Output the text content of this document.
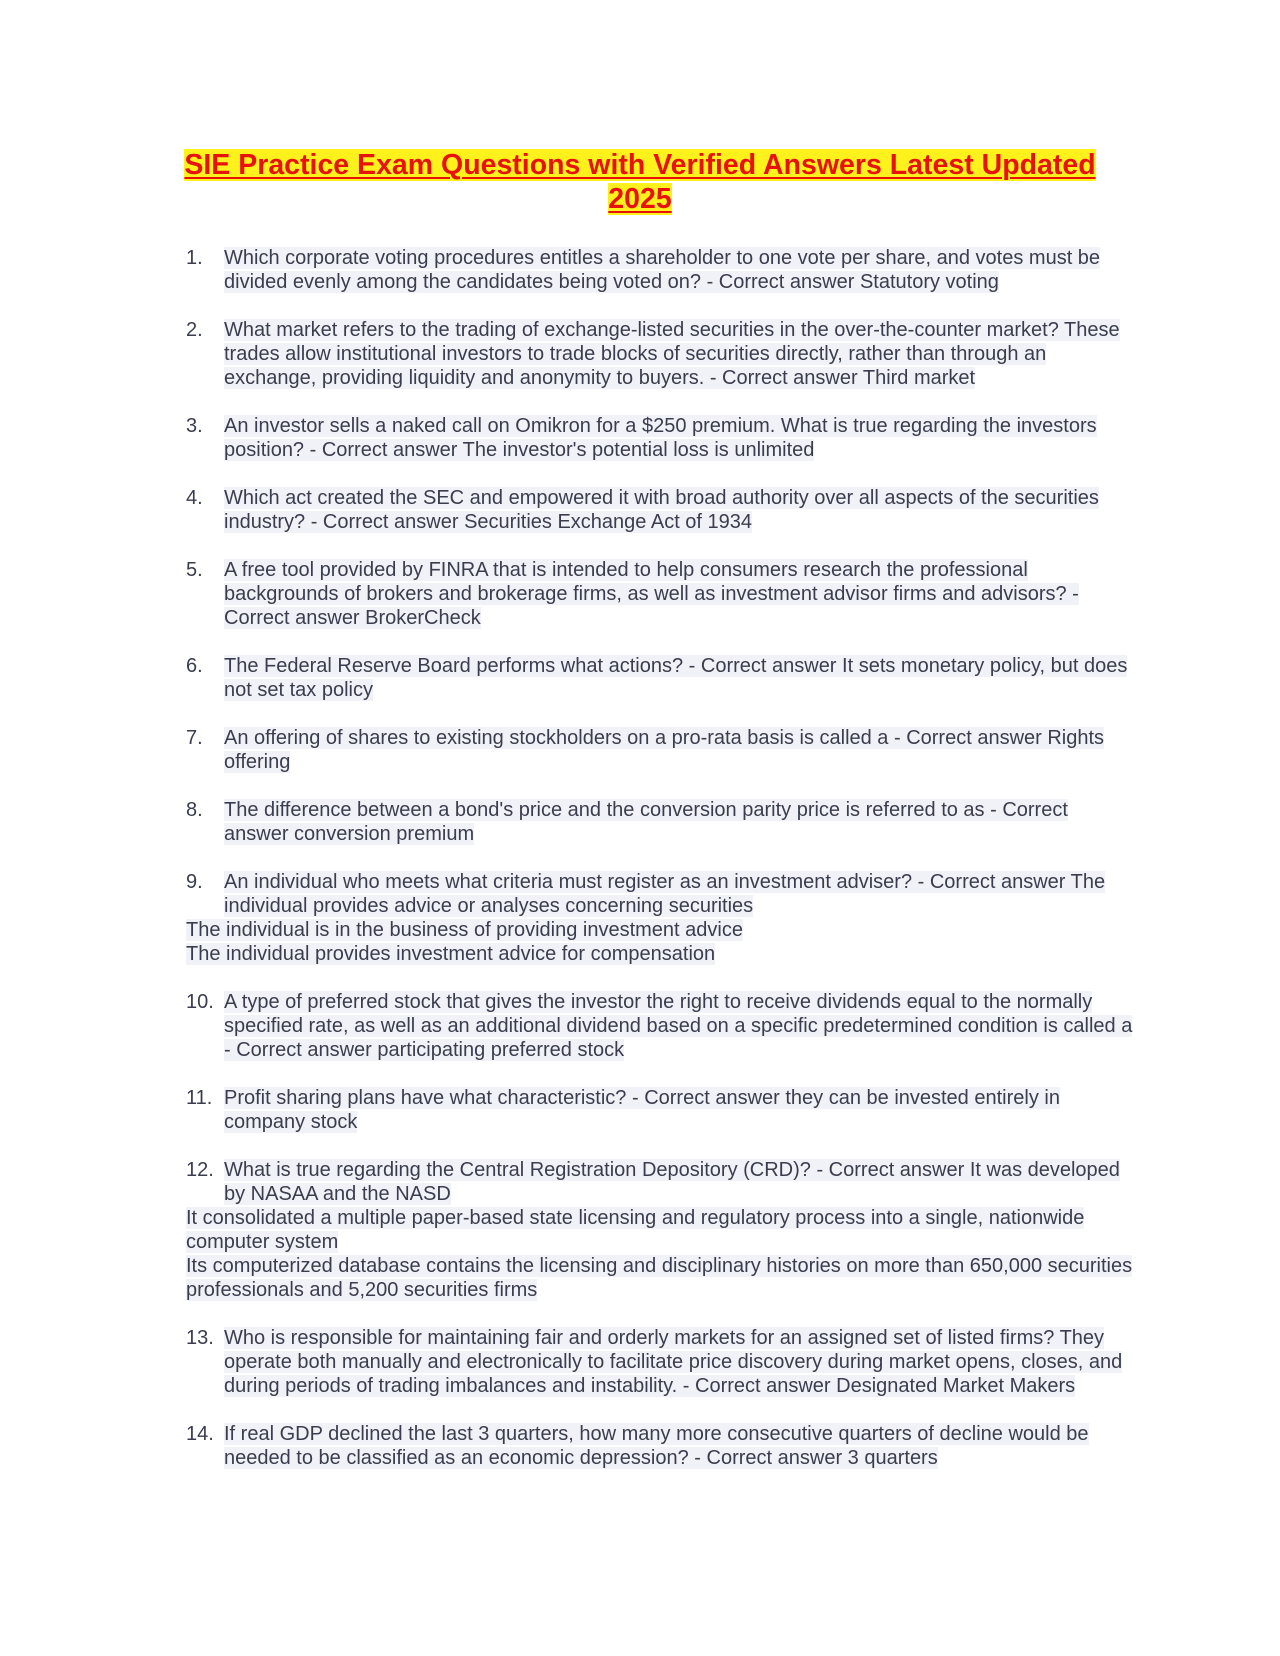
SIE Practice Exam Questions with Verified Answers Latest Updated 2025
1.	Which corporate voting procedures entitles a shareholder to one vote per share, and votes must be divided evenly among the candidates being voted on? - Correct answer Statutory voting
2.	What market refers to the trading of exchange-listed securities in the over-the-counter market? These trades allow institutional investors to trade blocks of securities directly, rather than through an exchange, providing liquidity and anonymity to buyers. - Correct answer Third market
3.	An investor sells a naked call on Omikron for a $250 premium. What is true regarding the investors position? - Correct answer The investor's potential loss is unlimited
4.	Which act created the SEC and empowered it with broad authority over all aspects of the securities industry? - Correct answer Securities Exchange Act of 1934
5.	A free tool provided by FINRA that is intended to help consumers research the professional backgrounds of brokers and brokerage firms, as well as investment advisor firms and advisors? - Correct answer BrokerCheck
6.	The Federal Reserve Board performs what actions? - Correct answer It sets monetary policy, but does not set tax policy
7.	An offering of shares to existing stockholders on a pro-rata basis is called a - Correct answer Rights offering
8.	The difference between a bond's price and the conversion parity price is referred to as - Correct answer conversion premium
9.	An individual who meets what criteria must register as an investment adviser? - Correct answer The individual provides advice or analyses concerning securities
The individual is in the business of providing investment advice
The individual provides investment advice for compensation
10. A type of preferred stock that gives the investor the right to receive dividends equal to the normally specified rate, as well as an additional dividend based on a specific predetermined condition is called a - Correct answer participating preferred stock
11. Profit sharing plans have what characteristic? - Correct answer they can be invested entirely in company stock
12. What is true regarding the Central Registration Depository (CRD)? - Correct answer It was developed by NASAA and the NASD
It consolidated a multiple paper-based state licensing and regulatory process into a single, nationwide computer system
Its computerized database contains the licensing and disciplinary histories on more than 650,000 securities professionals and 5,200 securities firms
13. Who is responsible for maintaining fair and orderly markets for an assigned set of listed firms? They operate both manually and electronically to facilitate price discovery during market opens, closes, and during periods of trading imbalances and instability. - Correct answer Designated Market Makers
14. If real GDP declined the last 3 quarters, how many more consecutive quarters of decline would be needed to be classified as an economic depression? - Correct answer 3 quarters
